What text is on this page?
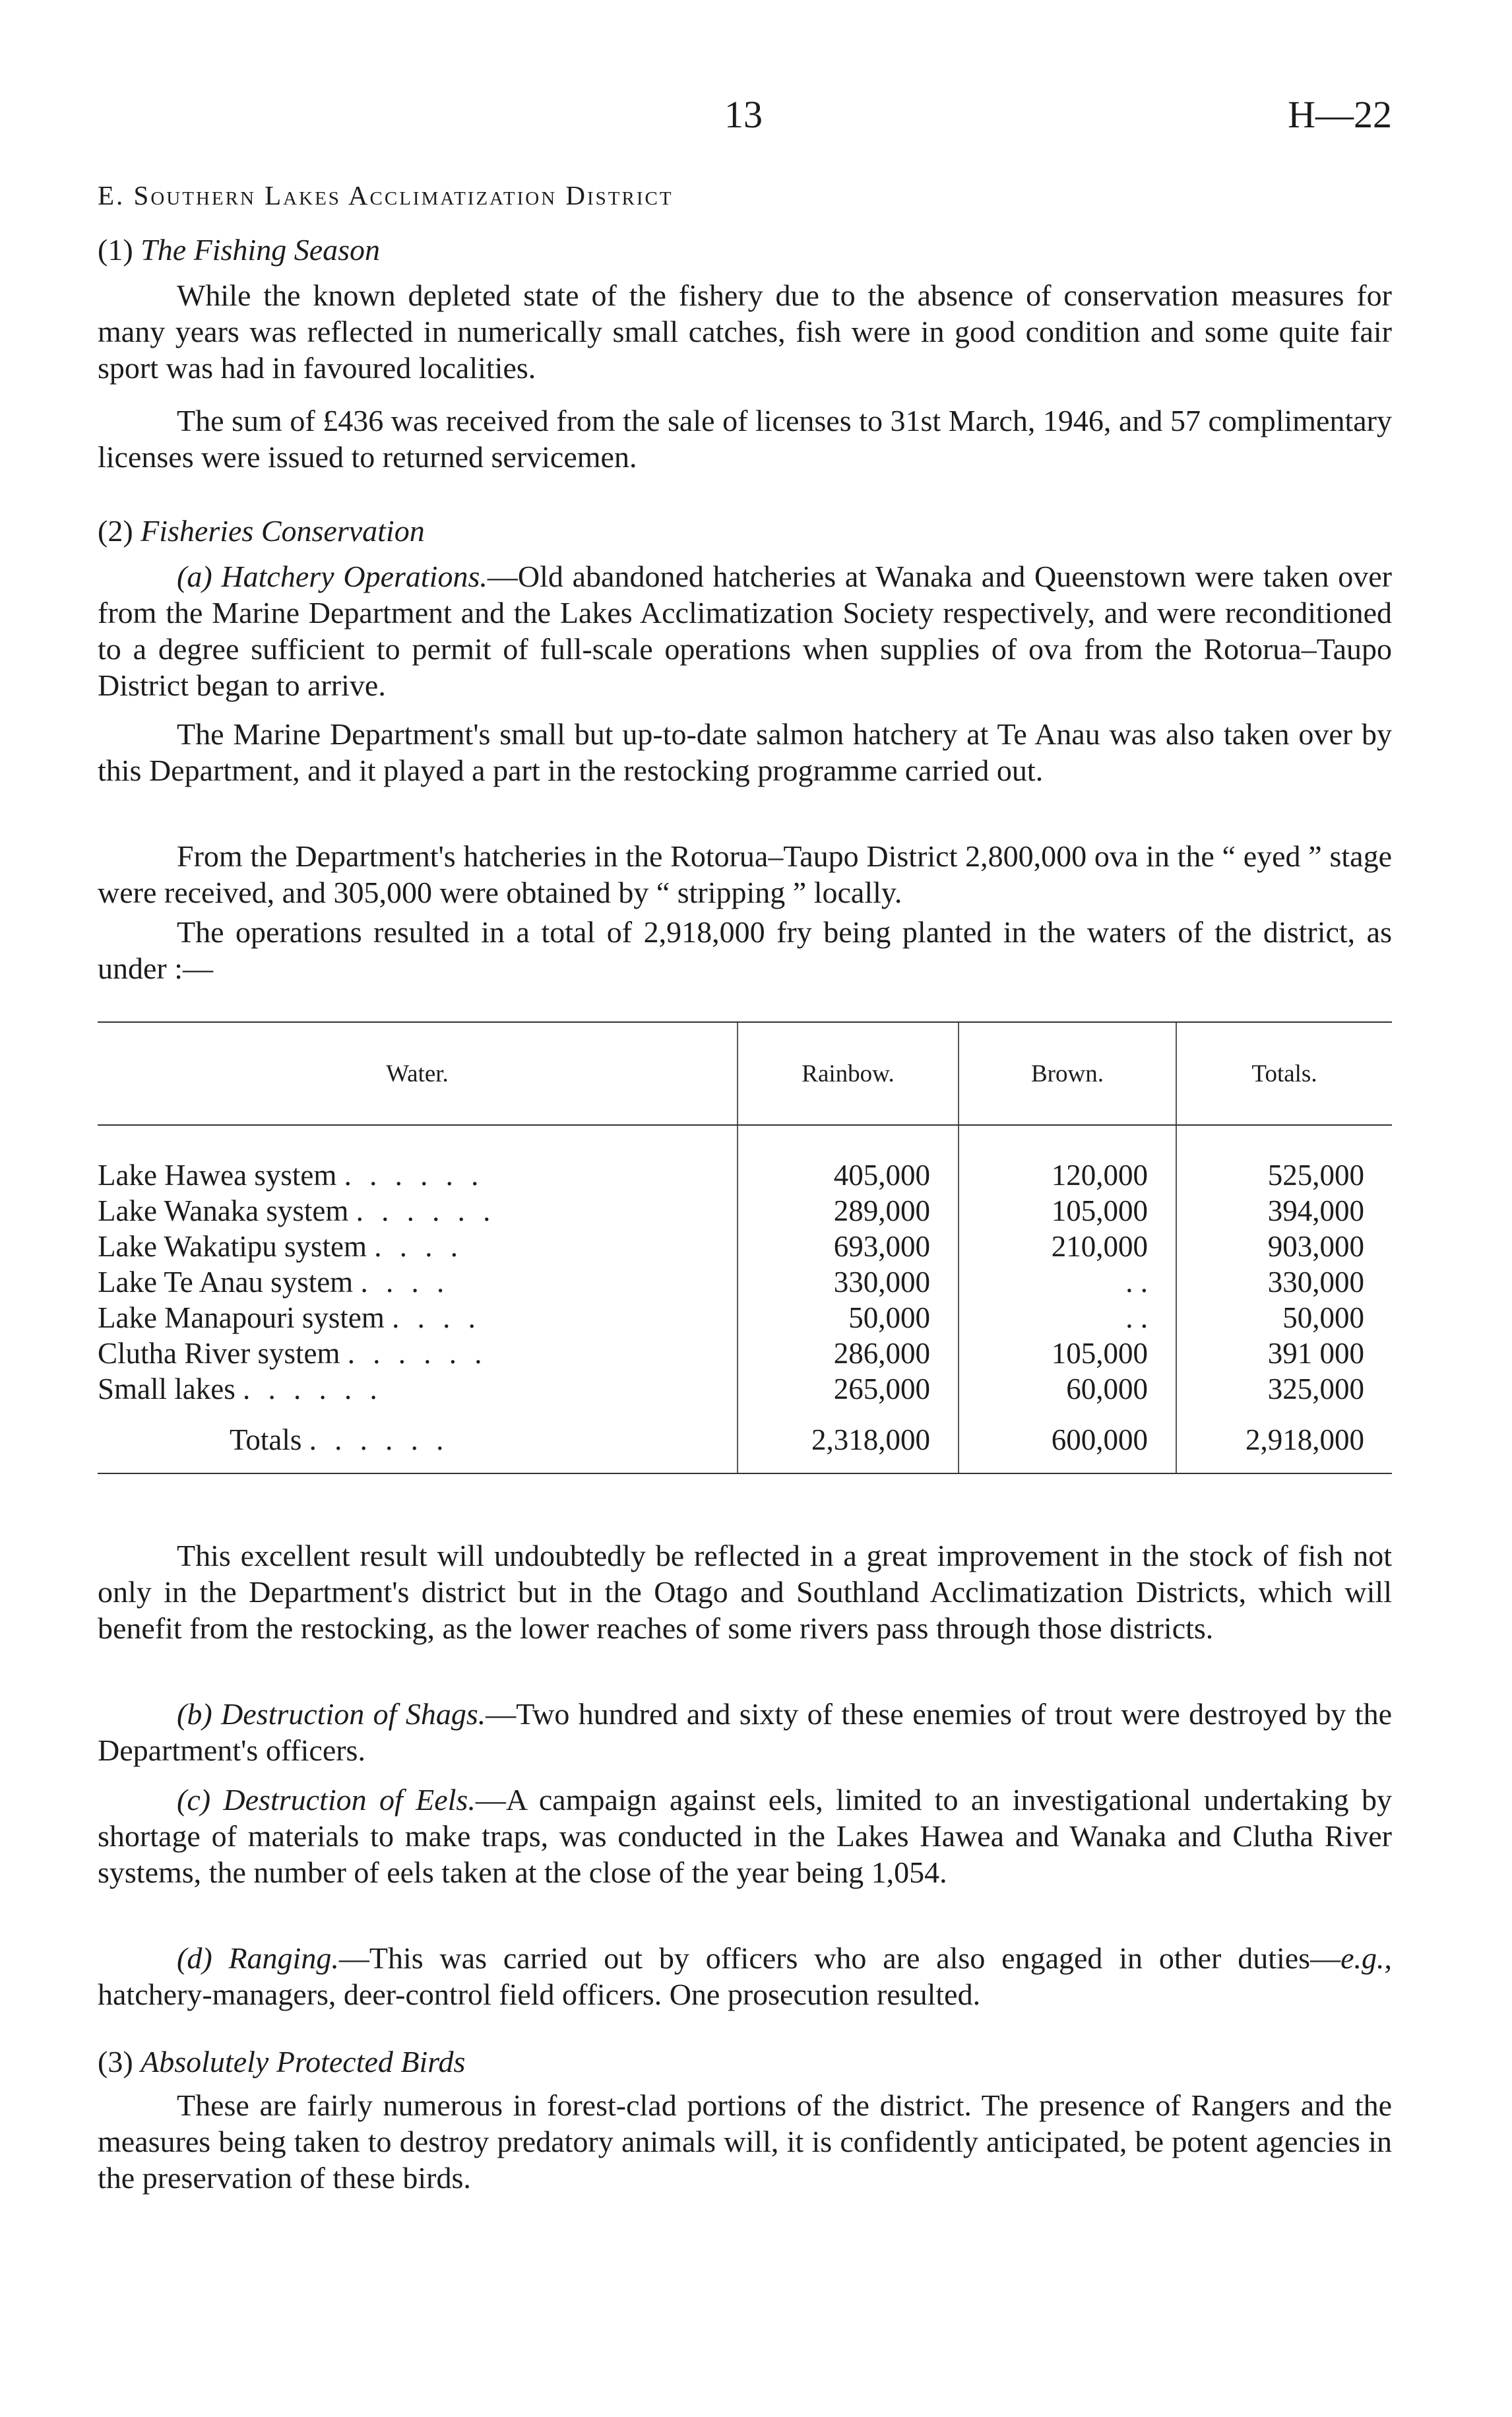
13	H—22
E. Southern Lakes Acclimatization District
(1) The Fishing Season

While the known depleted state of the fishery due to the absence of conservation measures for many years was reflected in numerically small catches, fish were in good condition and some quite fair sport was had in favoured localities.

The sum of £436 was received from the sale of licenses to 31st March, 1946, and 57 complimentary licenses were issued to returned servicemen.

(2) Fisheries Conservation

(a) Hatchery Operations.—Old abandoned hatcheries at Wanaka and Queenstown were taken over from the Marine Department and the Lakes Acclimatization Society respectively, and were reconditioned to a degree sufficient to permit of full-scale operations when supplies of ova from the Rotorua–Taupo District began to arrive.

The Marine Department's small but up-to-date salmon hatchery at Te Anau was also taken over by this Department, and it played a part in the restocking programme carried out.

From the Department's hatcheries in the Rotorua–Taupo District 2,800,000 ova in the “ eyed ” stage were received, and 305,000 were obtained by “ stripping ” locally.

The operations resulted in a total of 2,918,000 fry being planted in the waters of the district, as under :—

Water.	Rainbow.	Brown.	Totals.

Lake Hawea system . . . . . .	405,000	120,000	525,000
Lake Wanaka system . . . . . .	289,000	105,000	394,000
Lake Wakatipu system . . . .	693,000	210,000	903,000
Lake Te Anau system . . . .	330,000	. .	330,000
Lake Manapouri system . . . .	50,000	. .	50,000
Clutha River system . . . . . .	286,000	105,000	391 000
Small lakes . . . . . .	265,000	60,000	325,000
Totals . . . . . .	2,318,000	600,000	2,918,000

This excellent result will undoubtedly be reflected in a great improvement in the stock of fish not only in the Department's district but in the Otago and Southland Acclimatization Districts, which will benefit from the restocking, as the lower reaches of some rivers pass through those districts.

(b) Destruction of Shags.—Two hundred and sixty of these enemies of trout were destroyed by the Department's officers.

(c) Destruction of Eels.—A campaign against eels, limited to an investigational undertaking by shortage of materials to make traps, was conducted in the Lakes Hawea and Wanaka and Clutha River systems, the number of eels taken at the close of the year being 1,054.

(d) Ranging.—This was carried out by officers who are also engaged in other duties—e.g., hatchery-managers, deer-control field officers. One prosecution resulted.

(3) Absolutely Protected Birds

These are fairly numerous in forest-clad portions of the district. The presence of Rangers and the measures being taken to destroy predatory animals will, it is confidently anticipated, be potent agencies in the preservation of these birds.
